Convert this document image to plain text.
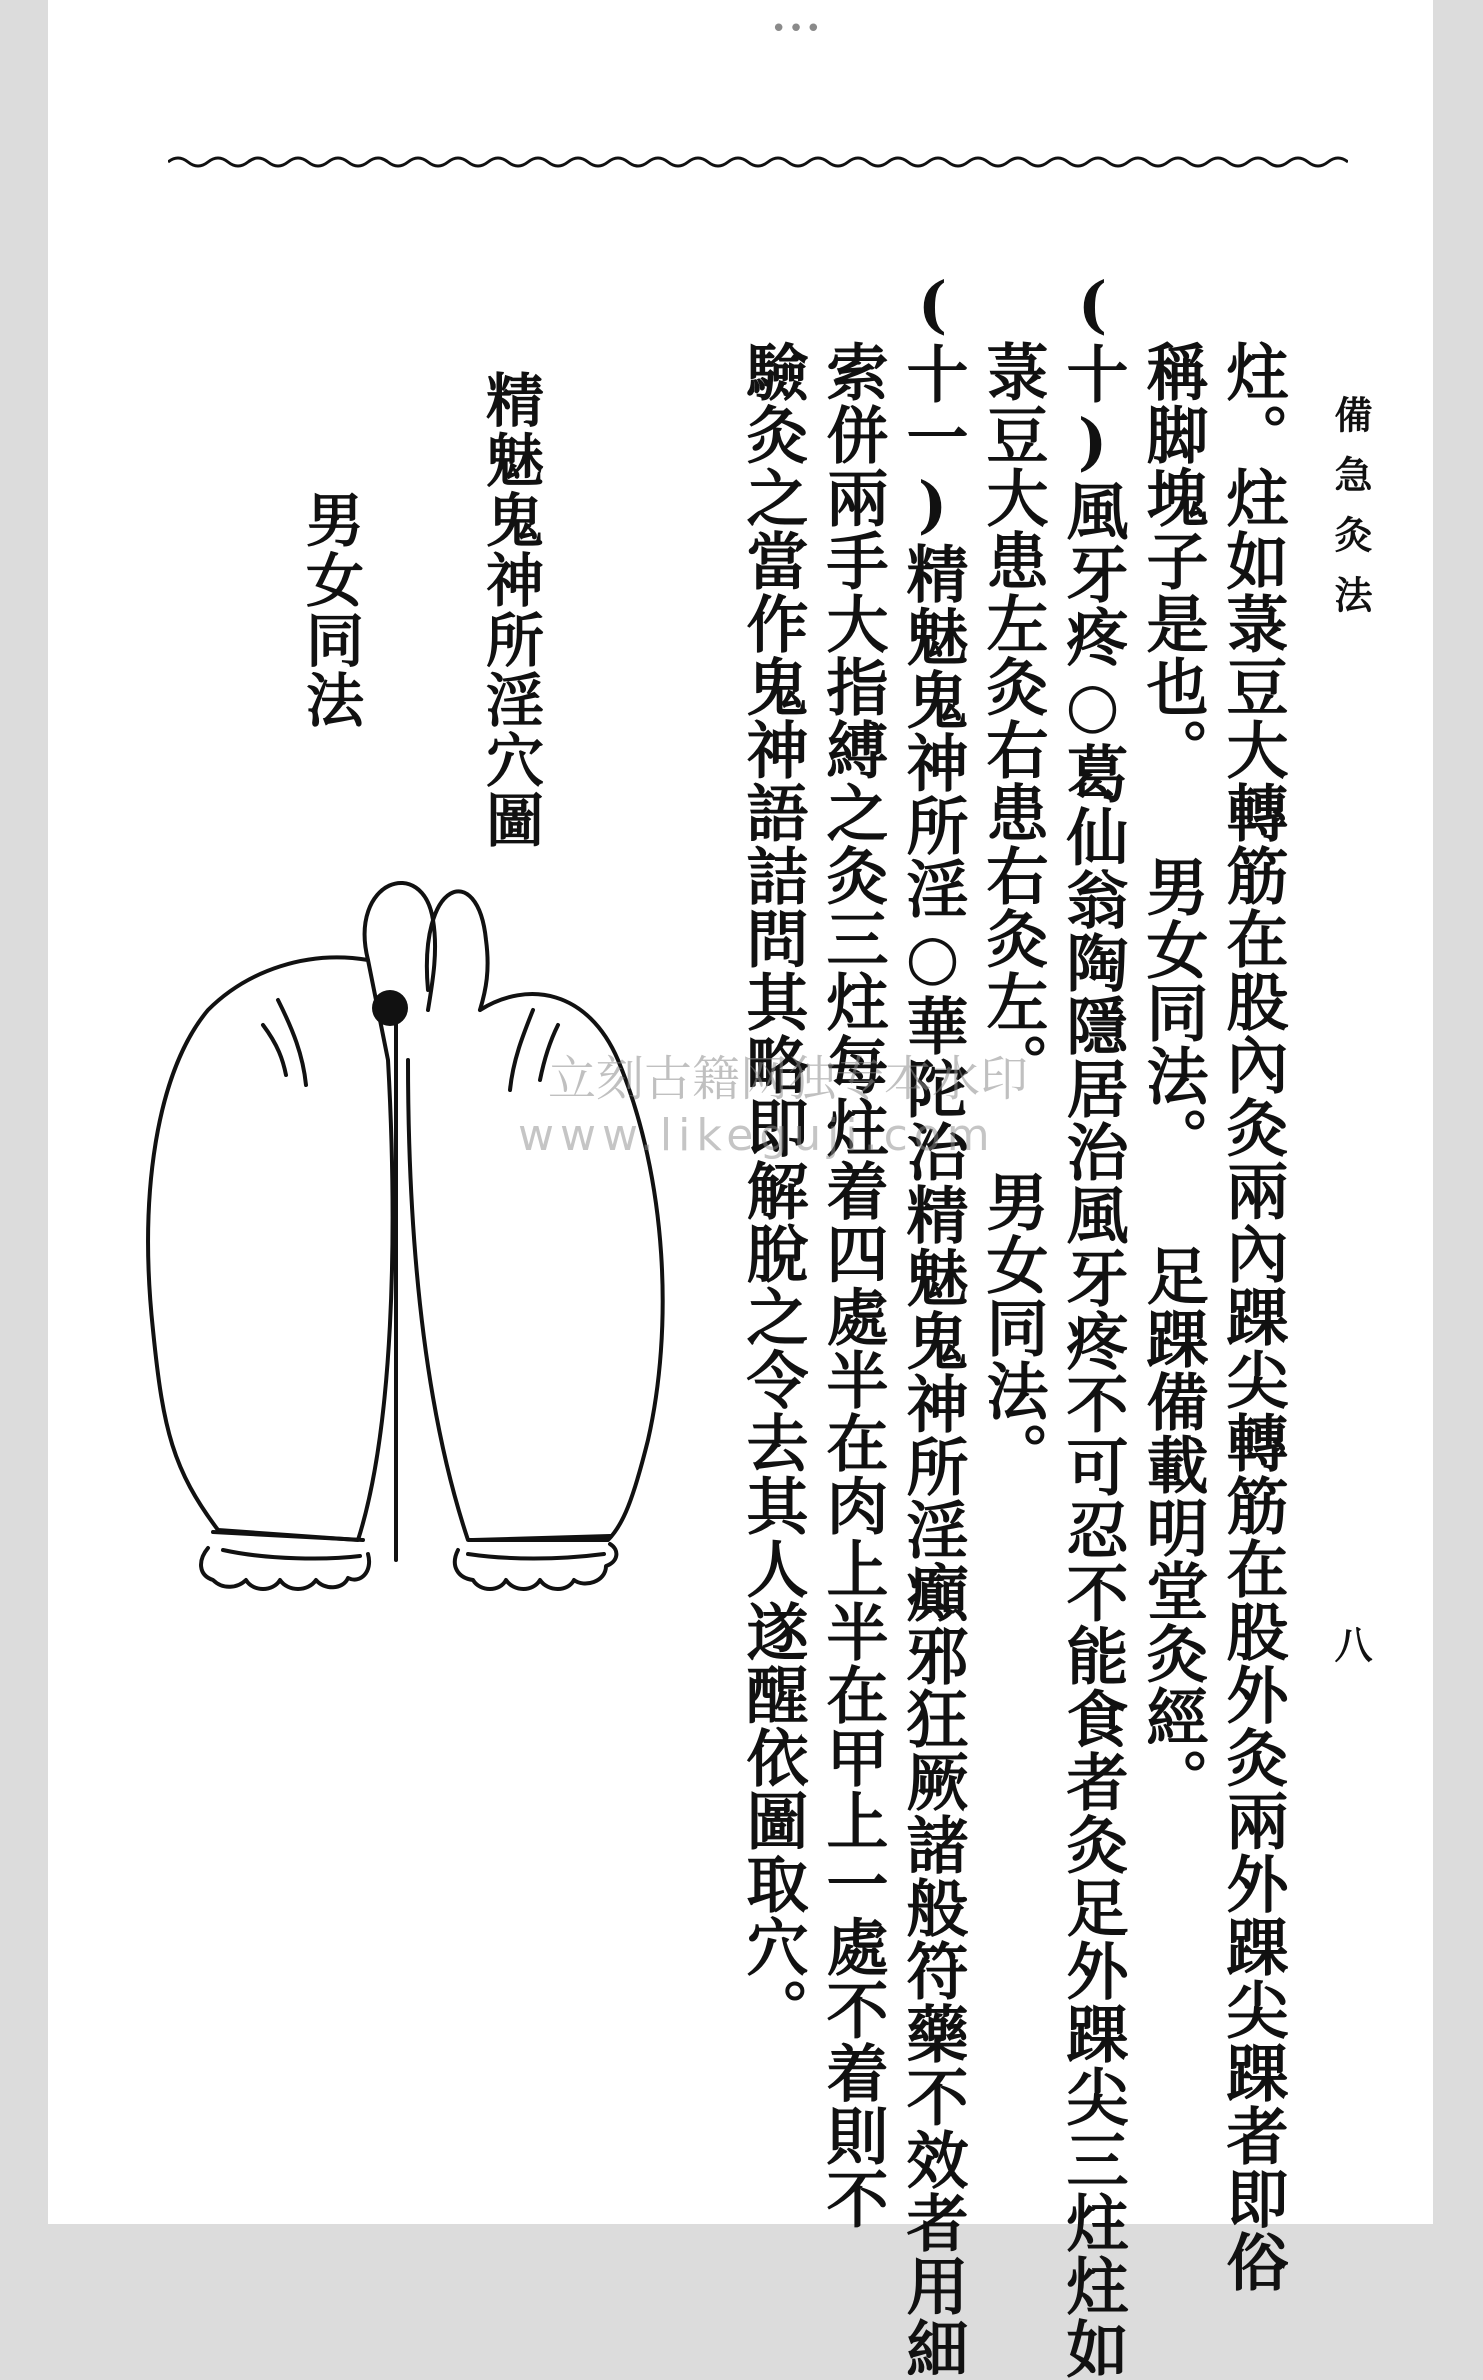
•••
備急灸法
八
炷。炷如菉豆大轉筋在股內灸兩內踝尖轉筋在股外灸兩外踝尖踝者即俗
稱脚塊子是也。 男女同法。 足踝備載明堂灸經。
(十)風牙疼○葛仙翁陶隱居治風牙疼不可忍不能食者灸足外踝尖三炷炷如
菉豆大患左灸右患右灸左。 男女同法。
(十一)精魅鬼神所淫○華陀治精魅鬼神所淫癲邪狂厥諸般符藥不效者用細
索併兩手大指縛之灸三炷每炷着四處半在肉上半在甲上一處不着則不
驗灸之當作鬼神語詰問其略即解脫之令去其人遂醒依圖取穴。
精魅鬼神所淫穴圖
男女同法
立刻古籍网独专本水印
www.likeguji.com
